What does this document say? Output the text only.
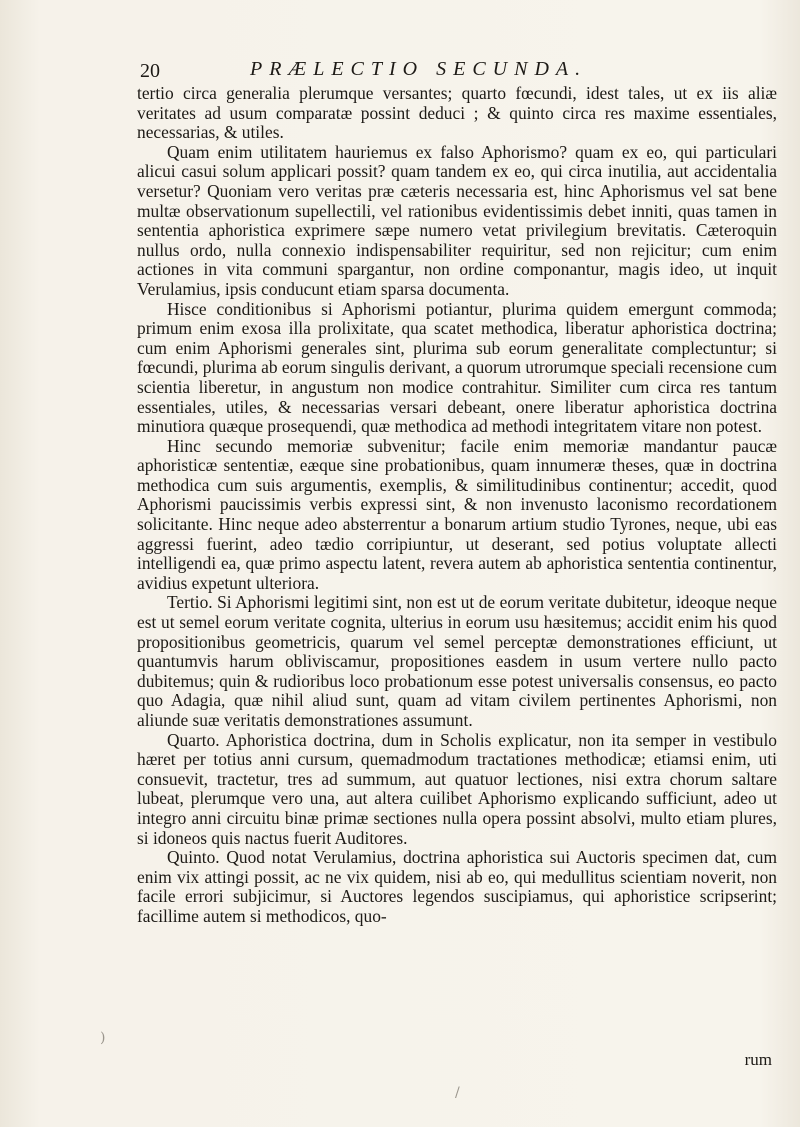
20	PRÆLECTIO SECUNDA.

tertio circa generalia plerumque versantes; quarto fœcundi, idest tales, ut ex iis aliæ veritates ad usum comparatæ possint deduci ; & quinto circa res maxime essentiales, necessarias, & utiles.

Quam enim utilitatem hauriemus ex falso Aphorismo? quam ex eo, qui particulari alicui casui solum applicari possit? quam tandem ex eo, qui circa inutilia, aut accidentalia versetur? Quoniam vero veritas præ cæteris necessaria est, hinc Aphorismus vel sat bene multæ observationum supellectili, vel rationibus evidentissimis debet inniti, quas tamen in sententia aphoristica exprimere sæpe numero vetat privilegium brevitatis. Cæteroquin nullus ordo, nulla connexio indispensabiliter requiritur, sed non rejicitur; cum enim actiones in vita communi spargantur, non ordine componantur, magis ideo, ut inquit Verulamius, ipsis conducunt etiam sparsa documenta.

Hisce conditionibus si Aphorismi potiantur, plurima quidem emergunt commoda; primum enim exosa illa prolixitate, qua scatet methodica, liberatur aphoristica doctrina; cum enim Aphorismi generales sint, plurima sub eorum generalitate complectuntur; si fœcundi, plurima ab eorum singulis derivant, a quorum utrorumque speciali recensione cum scientia liberetur, in angustum non modice contrahitur. Similiter cum circa res tantum essentiales, utiles, & necessarias versari debeant, onere liberatur aphoristica doctrina minutiora quæque prosequendi, quæ methodica ad methodi integritatem vitare non potest.

Hinc secundo memoriæ subvenitur; facile enim memoriæ mandantur paucæ aphoristicæ sententiæ, eæque sine probationibus, quam innumeræ theses, quæ in doctrina methodica cum suis argumentis, exemplis, & similitudinibus continentur; accedit, quod Aphorismi paucissimis verbis expressi sint, & non invenusto laconismo recordationem solicitante. Hinc neque adeo absterrentur a bonarum artium studio Tyrones, neque, ubi eas aggressi fuerint, adeo tædio corripiuntur, ut deserant, sed potius voluptate allecti intelligendi ea, quæ primo aspectu latent, revera autem ab aphoristica sententia continentur, avidius expetunt ulteriora.

Tertio. Si Aphorismi legitimi sint, non est ut de eorum veritate dubitetur, ideoque neque est ut semel eorum veritate cognita, ulterius in eorum usu hæsitemus; accidit enim his quod propositionibus geometricis, quarum vel semel perceptæ demonstrationes efficiunt, ut quantumvis harum obliviscamur, propositiones easdem in usum vertere nullo pacto dubitemus; quin & rudioribus loco probationum esse potest universalis consensus, eo pacto quo Adagia, quæ nihil aliud sunt, quam ad vitam civilem pertinentes Aphorismi, non aliunde suæ veritatis demonstrationes assumunt.

Quarto. Aphoristica doctrina, dum in Scholis explicatur, non ita semper in vestibulo hæret per totius anni cursum, quemadmodum tractationes methodicæ; etiamsi enim, uti consuevit, tractetur, tres ad summum, aut quatuor lectiones, nisi extra chorum saltare lubeat, plerumque vero una, aut altera cuilibet Aphorismo explicando sufficiunt, adeo ut integro anni circuitu binæ primæ sectiones nulla opera possint absolvi, multo etiam plures, si idoneos quis nactus fuerit Auditores.

Quinto. Quod notat Verulamius, doctrina aphoristica sui Auctoris specimen dat, cum enim vix attingi possit, ac ne vix quidem, nisi ab eo, qui medullitus scientiam noverit, non facile errori subjicimur, si Auctores legendos suscipiamus, qui aphoristice scripserint; facillime autem si methodicos, quo-

rum
)
/
